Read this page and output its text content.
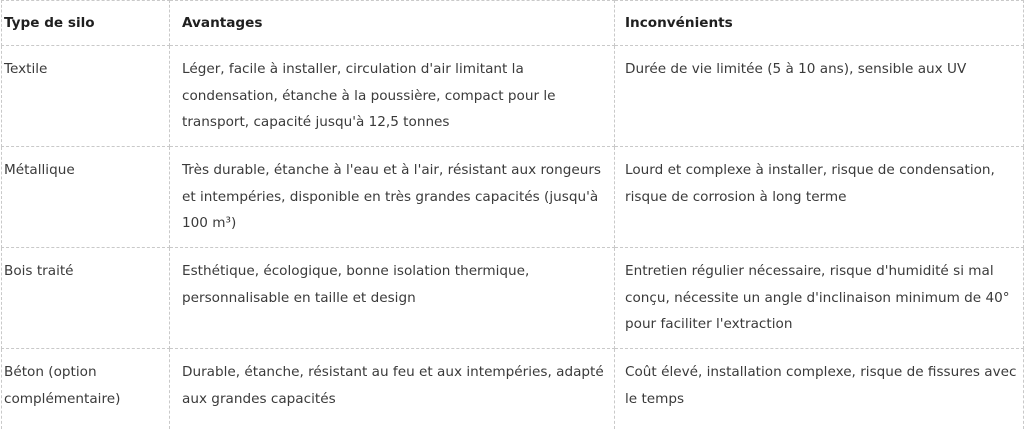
Type de silo	Avantages	Inconvénients
Textile	Léger, facile à installer, circulation d'air limitant la condensation, étanche à la poussière, compact pour le transport, capacité jusqu'à 12,5 tonnes	Durée de vie limitée (5 à 10 ans), sensible aux UV
Métallique	Très durable, étanche à l'eau et à l'air, résistant aux rongeurs et intempéries, disponible en très grandes capacités (jusqu'à 100 m³)	Lourd et complexe à installer, risque de condensation, risque de corrosion à long terme
Bois traité	Esthétique, écologique, bonne isolation thermique, personnalisable en taille et design	Entretien régulier nécessaire, risque d'humidité si mal conçu, nécessite un angle d'inclinaison minimum de 40° pour faciliter l'extraction
Béton (option complémentaire)	Durable, étanche, résistant au feu et aux intempéries, adapté aux grandes capacités	Coût élevé, installation complexe, risque de fissures avec le temps
